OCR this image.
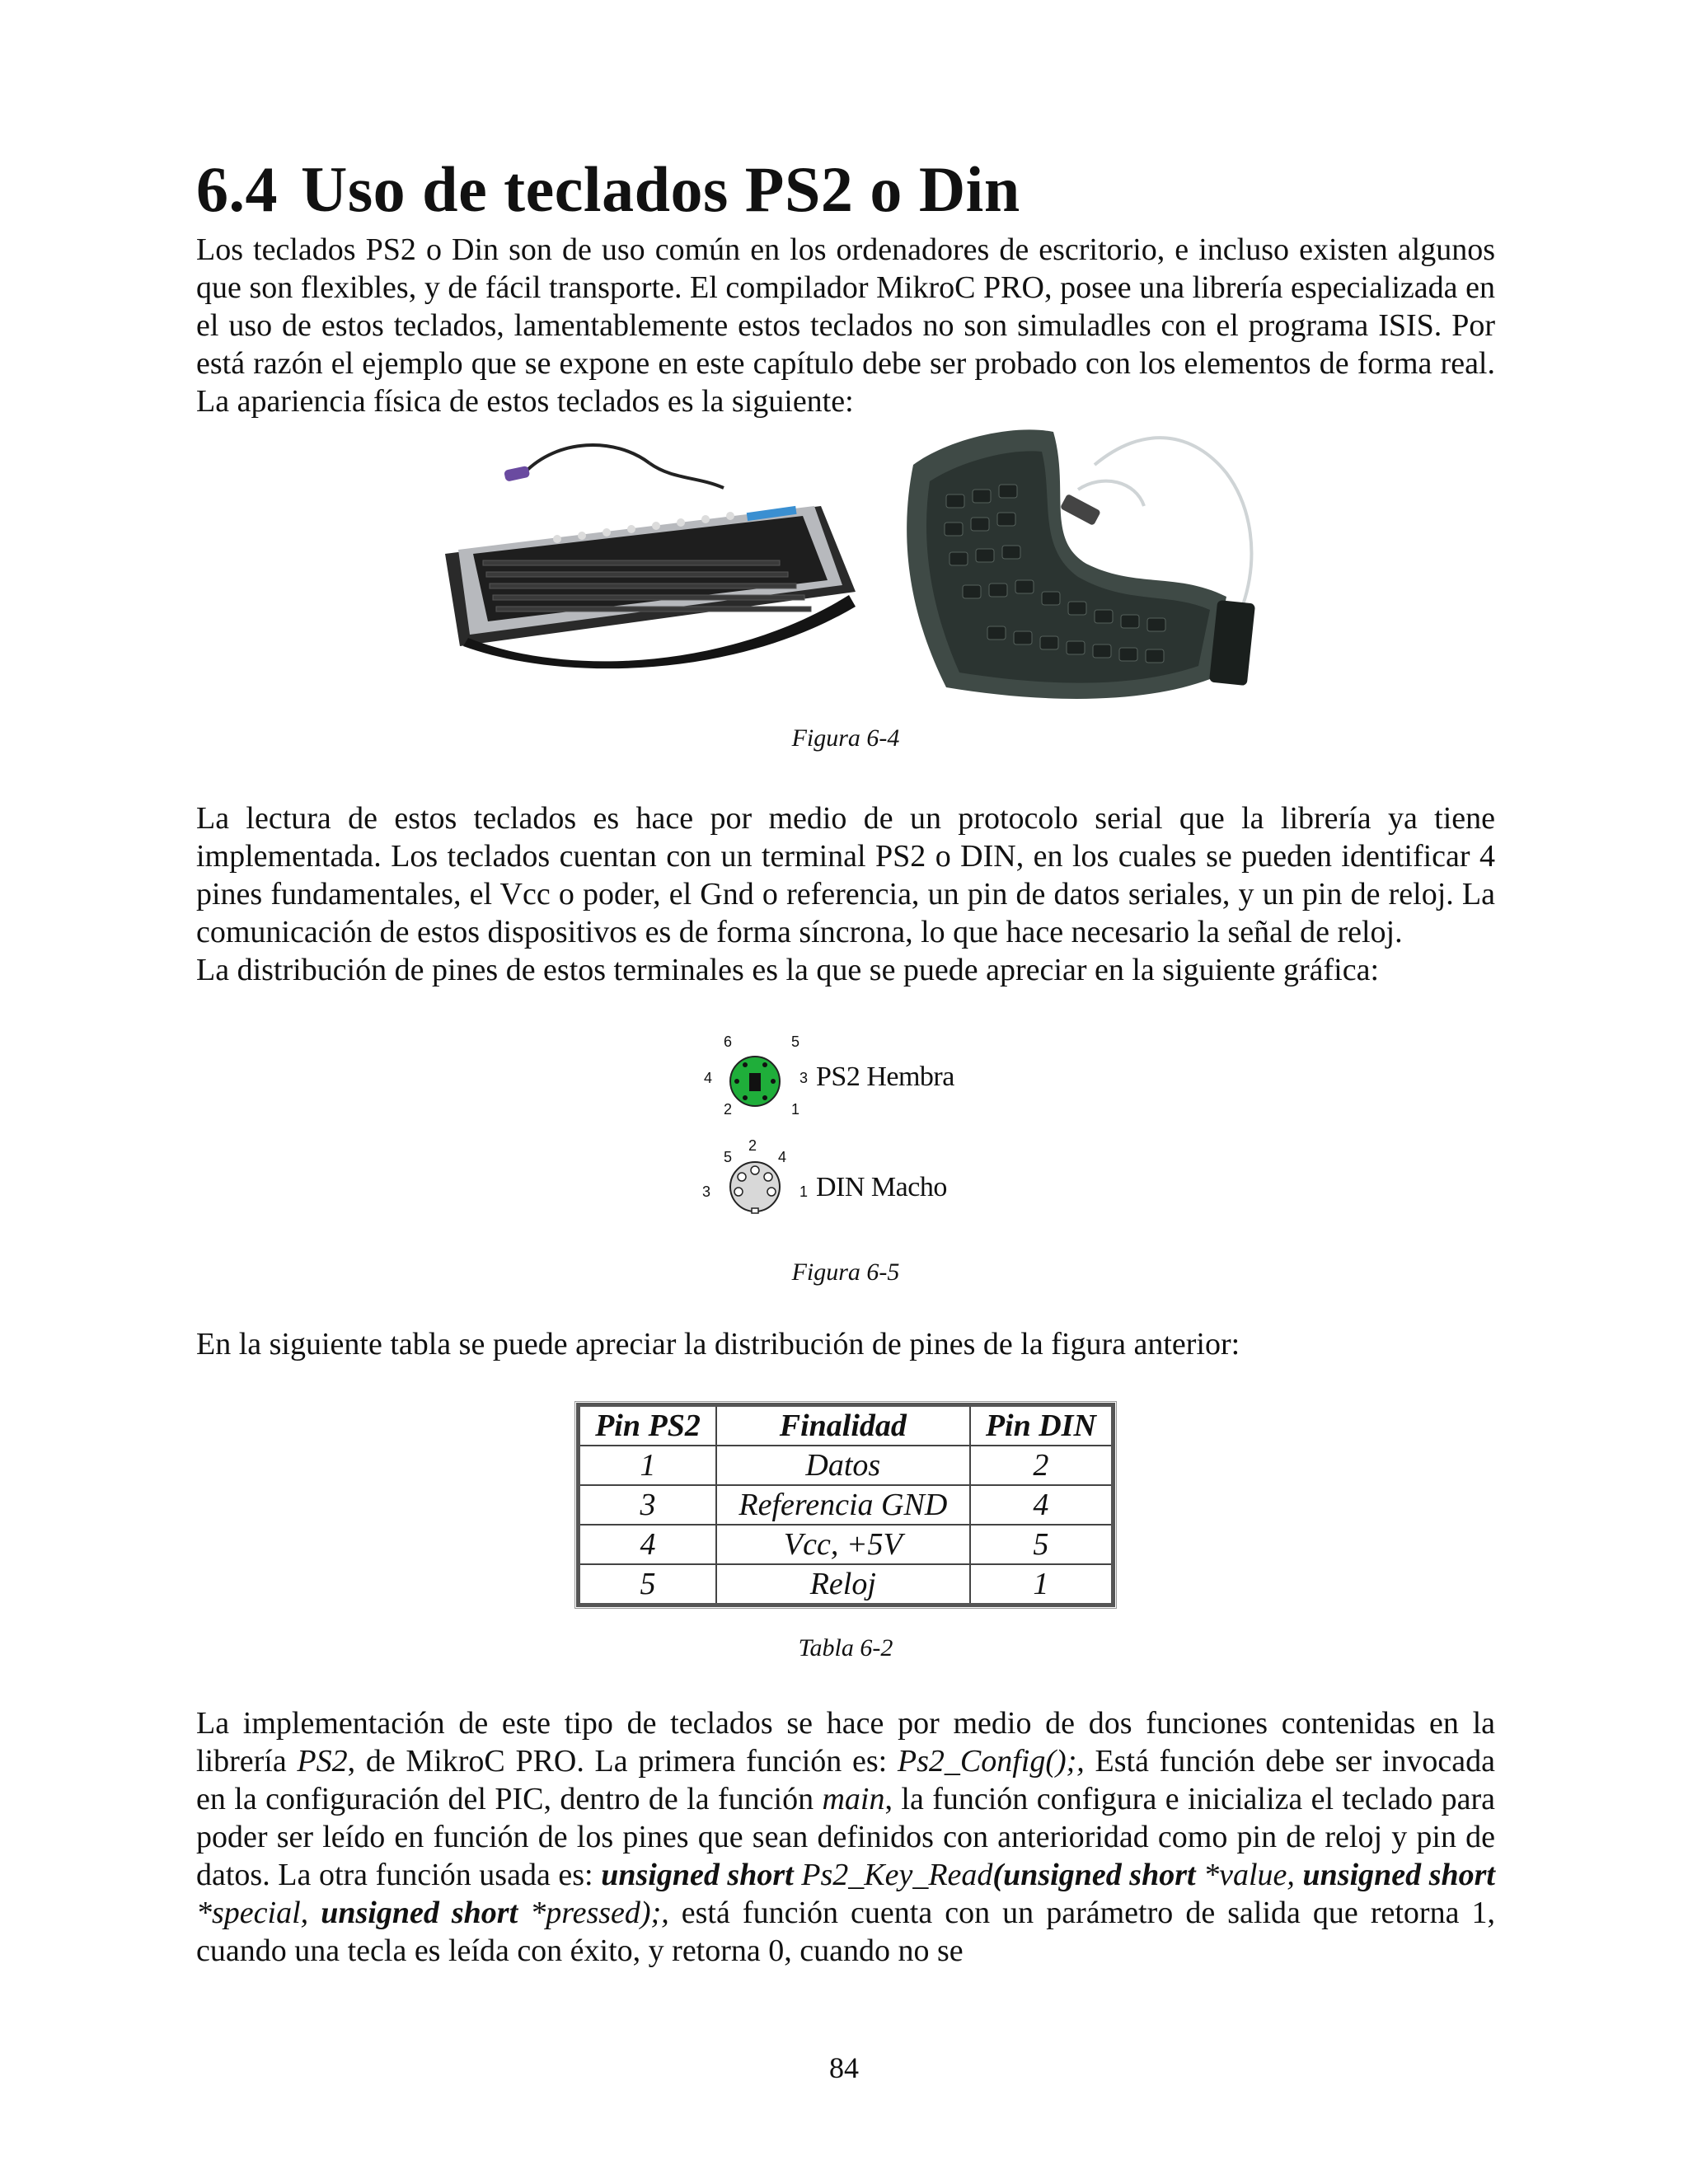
6.4 Uso de teclados PS2 o Din

Los teclados PS2 o Din son de uso común en los ordenadores de escritorio, e incluso existen algunos que son flexibles, y de fácil transporte. El compilador MikroC PRO, posee una librería especializada en el uso de estos teclados, lamentablemente estos teclados no son simuladles con el programa ISIS. Por está razón el ejemplo que se expone en este capítulo debe ser probado con los elementos de forma real. La apariencia física de estos teclados es la siguiente:

Figura 6-4

La lectura de estos teclados es hace por medio de un protocolo serial que la librería ya tiene implementada. Los teclados cuentan con un terminal PS2 o DIN, en los cuales se pueden identificar 4 pines fundamentales, el Vcc o poder, el Gnd o referencia, un pin de datos seriales, y un pin de reloj. La comunicación de estos dispositivos es de forma síncrona, lo que hace necesario la señal de reloj.

La distribución de pines de estos terminales es la que se puede apreciar en la siguiente gráfica:

6	5
4	3
2	1
PS2 Hembra
5
2
4
3	1 DIN Macho
Figura 6-5

En la siguiente tabla se puede apreciar la distribución de pines de la figura anterior:

Pin PS2	Finalidad	Pin DIN
1	Datos	2
3	Referencia GND	4
4	Vcc, +5V	5
5	Reloj	1
Tabla 6-2

La implementación de este tipo de teclados se hace por medio de dos funciones contenidas en la librería PS2, de MikroC PRO. La primera función es: Ps2_Config();, Está función debe ser invocada en la configuración del PIC, dentro de la función main, la función configura e inicializa el teclado para poder ser leído en función de los pines que sean definidos con anterioridad como pin de reloj y pin de datos. La otra función usada es: unsigned short Ps2_Key_Read(unsigned short *value, unsigned short *special, unsigned short *pressed);, está función cuenta con un parámetro de salida que retorna 1, cuando una tecla es leída con éxito, y retorna 0, cuando no se

84
